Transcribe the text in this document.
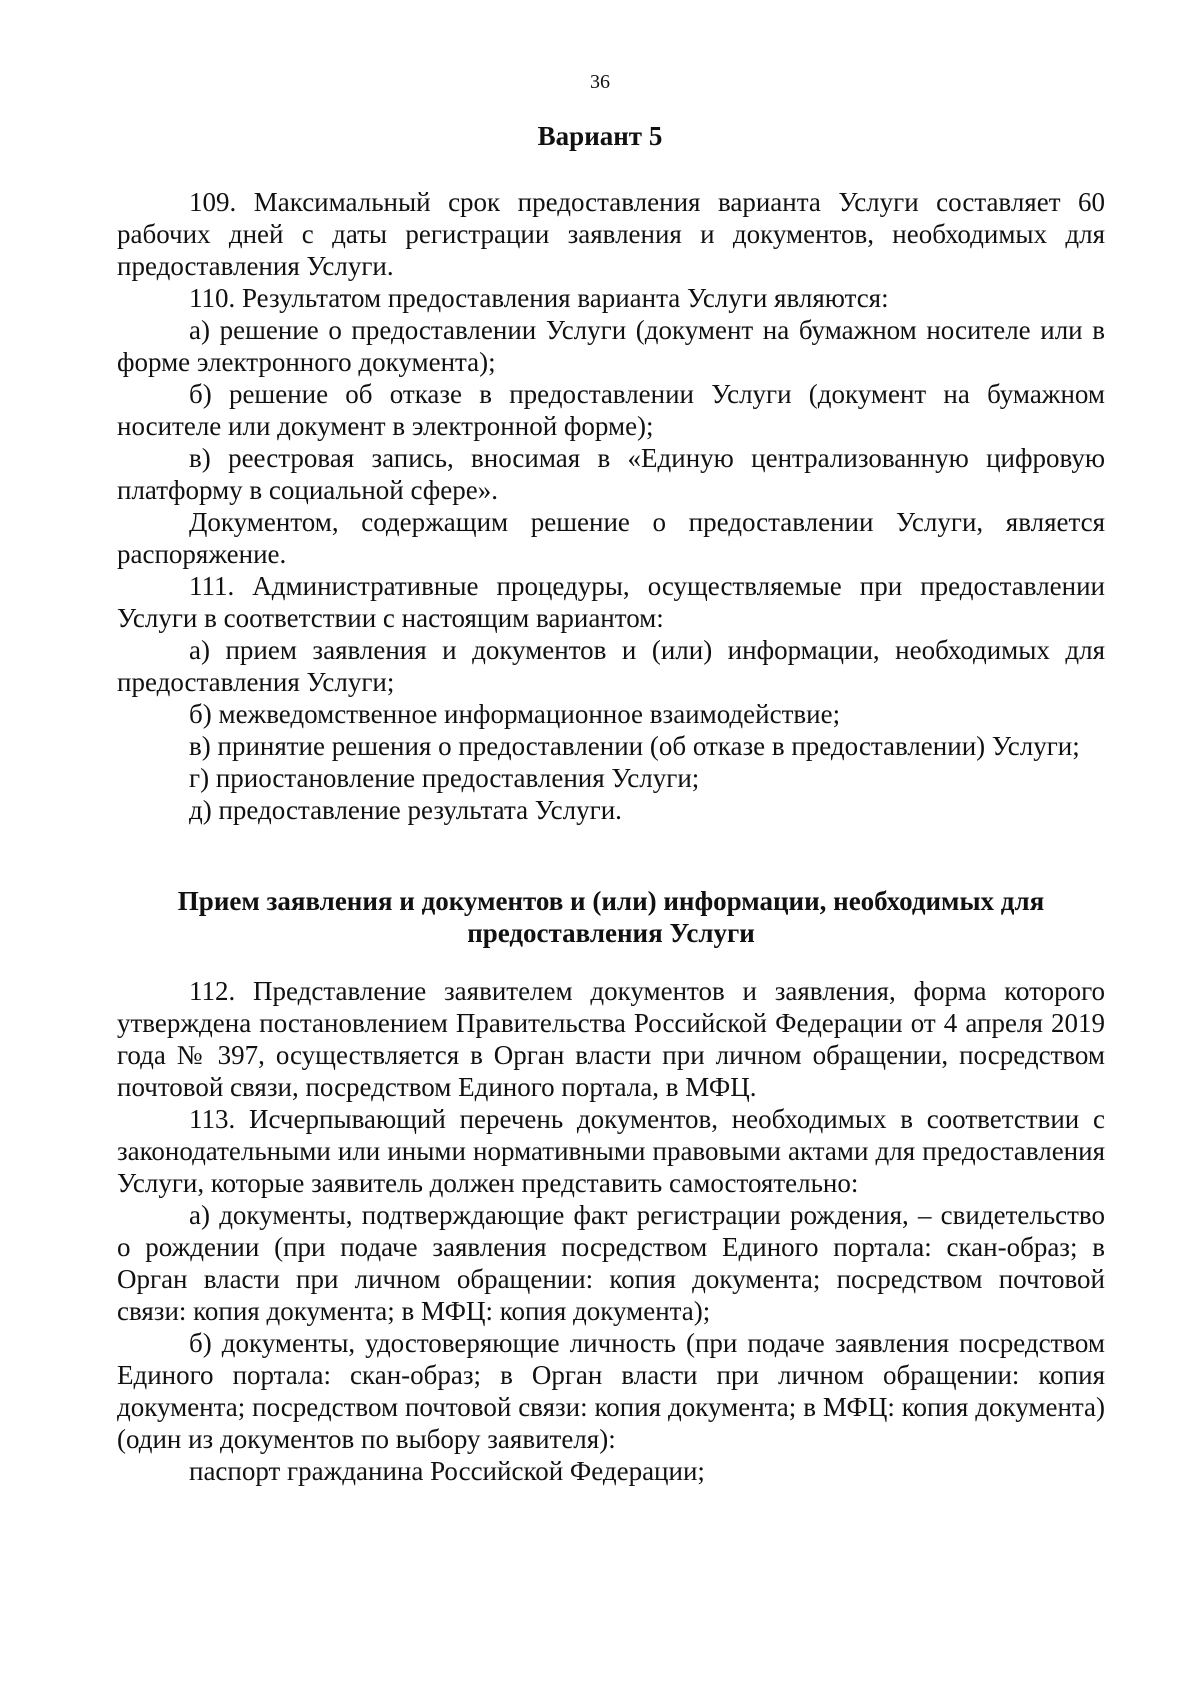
36
Вариант 5

109. Максимальный срок предоставления варианта Услуги составляет 60 рабочих дней с даты регистрации заявления и документов, необходимых для предоставления Услуги.

110. Результатом предоставления варианта Услуги являются:

а) решение о предоставлении Услуги (документ на бумажном носителе или в форме электронного документа);

б) решение об отказе в предоставлении Услуги (документ на бумажном носителе или документ в электронной форме);

в) реестровая запись, вносимая в «Единую централизованную цифровую платформу в социальной сфере».

Документом, содержащим решение о предоставлении Услуги, является распоряжение.

111. Административные процедуры, осуществляемые при предоставлении Услуги в соответствии с настоящим вариантом:

а) прием заявления и документов и (или) информации, необходимых для предоставления Услуги;

б) межведомственное информационное взаимодействие;

в) принятие решения о предоставлении (об отказе в предоставлении) Услуги;

г) приостановление предоставления Услуги;

д) предоставление результата Услуги.

Прием заявления и документов и (или) информации, необходимых для предоставления Услуги

112. Представление заявителем документов и заявления, форма которого утверждена постановлением Правительства Российской Федерации от 4 апреля 2019 года № 397, осуществляется в Орган власти при личном обращении, посредством почтовой связи, посредством Единого портала, в МФЦ.

113. Исчерпывающий перечень документов, необходимых в соответствии с законодательными или иными нормативными правовыми актами для предоставления Услуги, которые заявитель должен представить самостоятельно:

а) документы, подтверждающие факт регистрации рождения, – свидетельство о рождении (при подаче заявления посредством Единого портала: скан-образ; в Орган власти при личном обращении: копия документа; посредством почтовой связи: копия документа; в МФЦ: копия документа);

б) документы, удостоверяющие личность (при подаче заявления посредством Единого портала: скан-образ; в Орган власти при личном обращении: копия документа; посредством почтовой связи: копия документа; в МФЦ: копия документа) (один из документов по выбору заявителя):

паспорт гражданина Российской Федерации;
